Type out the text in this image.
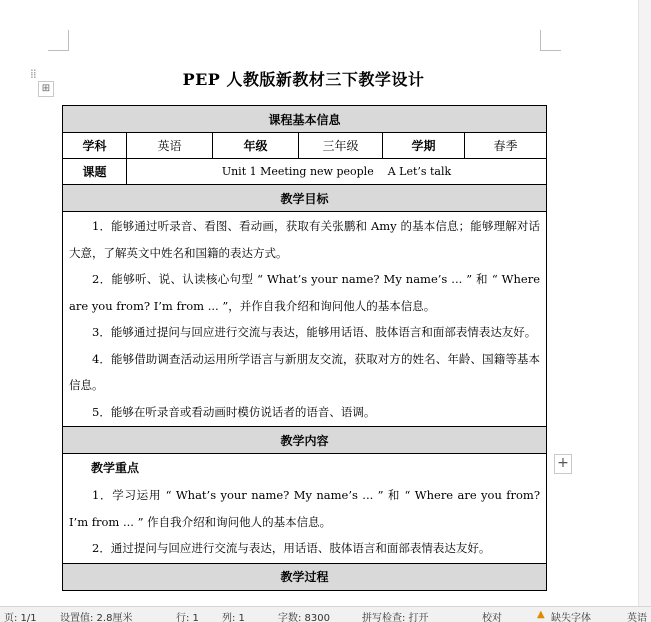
⁞⁞
⊞	PEP 人教版新教材三下教学设计
课程基本信息					
学科	英语	年级	三年级	学期	春季
课题	Unit 1 Meeting new people    A Let’s talk				
教学目标					

1．能够通过听录音、看图、看动画，获取有关张鹏和 Amy 的基本信息；能够理解对话大意，了解英文中姓名和国籍的表达方式。
2．能够听、说、认读核心句型 “ What’s your name? My name’s ... ” 和 “ Where are you from? I’m from ... ”，并作自我介绍和询问他人的基本信息。
3．能够通过提问与回应进行交流与表达，能够用话语、肢体语言和面部表情表达友好。
4．能够借助调查活动运用所学语言与新朋友交流，获取对方的姓名、年龄、国籍等基本信息。
5．能够在听录音或看动画时模仿说话者的语音、语调。					

教学内容					

教学重点
1．学习运用 “ What’s your name? My name’s ... ” 和 “ Where are you from? I’m from ... ” 作自我介绍和询问他人的基本信息。
2．通过提问与回应进行交流与表达，用话语、肢体语言和面部表情表达友好。					

教学过程					
+
页: 1/1 设置值: 2.8厘米	行: 1 列: 1	字数: 8300	拼写检查: 打开	校对	▲ 缺失字体	英语
